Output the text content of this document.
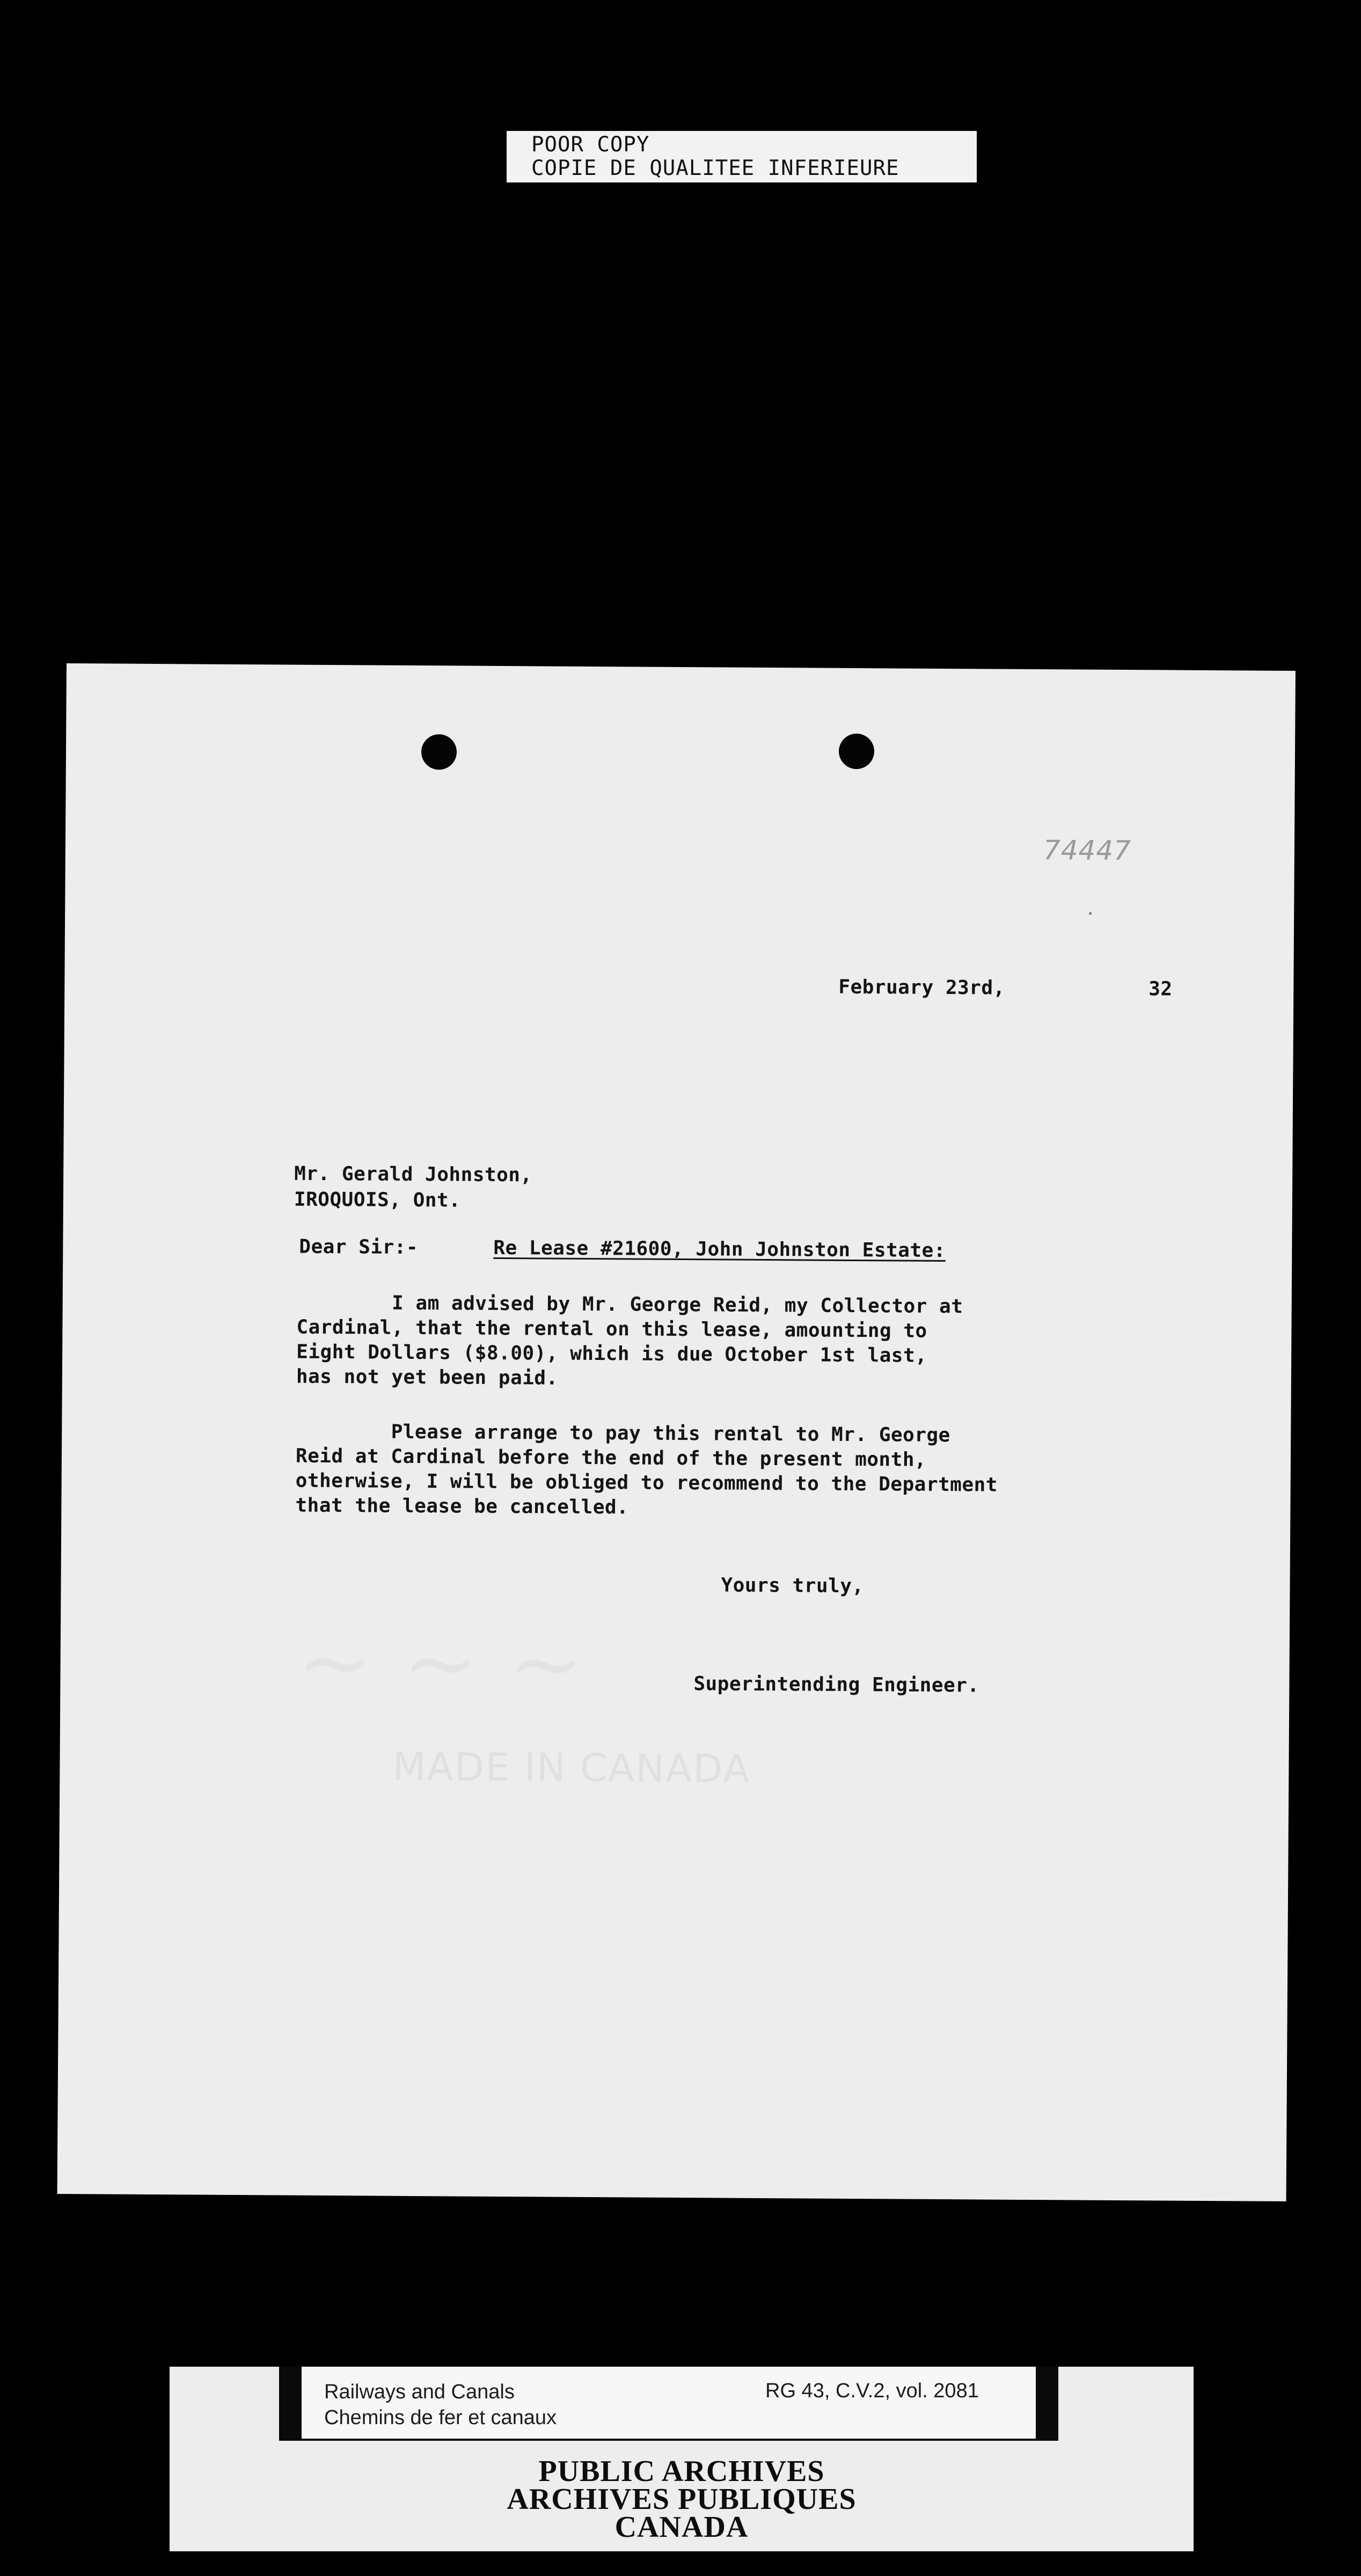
POOR COPY
COPIE DE QUALITEE INFERIEURE
74447
MADE IN CANADA
February 23rd,	32
Mr. Gerald Johnston,
IROQUOIS, Ont.
Dear Sir:-	Re Lease #21600, John Johnston Estate:
I am advised by Mr. George Reid, my Collector at
Cardinal, that the rental on this lease, amounting to
Eight Dollars ($8.00), which is due October 1st last,
has not yet been paid.
Please arrange to pay this rental to Mr. George
Reid at Cardinal before the end of the present month,
otherwise, I will be obliged to recommend to the Department
that the lease be cancelled.
Yours truly,
Superintending Engineer.
Railways and Canals
Chemins de fer et canaux
RG 43, C.V.2, vol. 2081
PUBLIC ARCHIVES
ARCHIVES PUBLIQUES
CANADA
